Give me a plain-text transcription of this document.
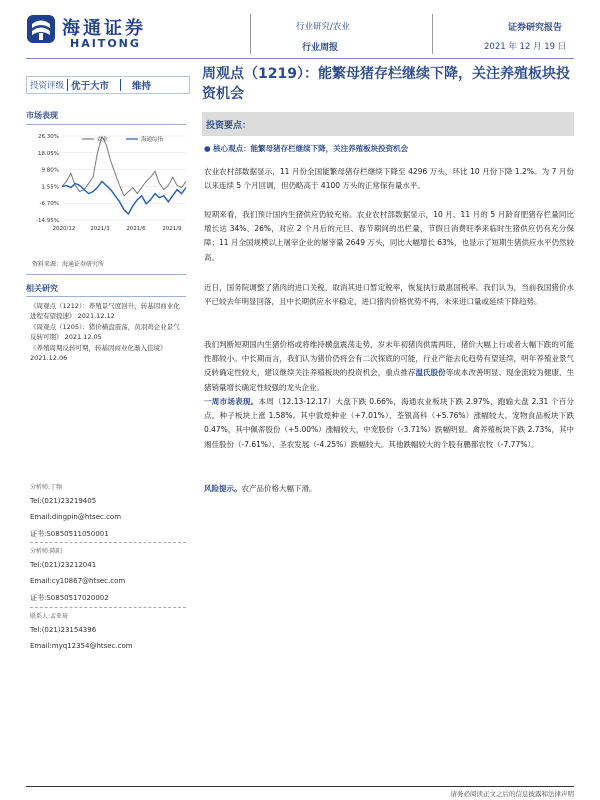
海通证券
HAITONG
行业研究/农业
行业周报
证券研究报告
2021 年 12 月 19 日
投资评级 优于大市	维持
周观点（1219）：能繁母猪存栏继续下降，关注养殖板块投资机会
市场表现
26.30%
18.05%
9.80%
1.55%
-6.70%
-14.95%
2020/12	2021/3	2021/6	2021/9
农业	海通综指
资料来源：海通证券研究所
相关研究
《周观点（1212）：养殖景气度回升，转基因商业化进程有望提速》 2021.12.12
《周观点（1205）：猪价横盘震荡，黄羽鸡企业景气反转可期》 2021.12.05
《养殖周期反转可期，转基因商业化渐入佳境》 2021.12.06
分析师:丁频
Tel:(021)23219405
Email:dingpin@htsec.com
证书:S0850511050001
分析师:陈阳
Tel:(021)23212041
Email:cy10867@htsec.com
证书:S0850517020002
联系人:孟亚琦
Tel:(021)23154396
Email:myq12354@htsec.com
投资要点：
● 核心观点：能繁母猪存栏继续下降，关注养殖板块投资机会
农业农村部数据显示，11 月份全国能繁母猪存栏继续下降至 4296 万头，环比 10 月份下降 1.2%。为 7 月份以来连续 5 个月回调，但仍略高于 4100 万头的正常保有量水平。
短期来看，我们预计国内生猪供应仍较充裕。农业农村部数据显示，10 月、11 月的 5 月龄育肥猪存栏量同比增长达 34%、26%，对应 2 个月后的元旦、春节期间的出栏量，节假日消费旺季来临时生猪供应仍有充分保障；11 月全国规模以上屠宰企业的屠宰量 2649 万头，同比大幅增长 63%，也显示了短期生猪供应水平仍然较高。
近日，国务院调整了猪肉的进口关税，取消其进口暂定税率，恢复执行最惠国税率。我们认为，当前我国猪价水平已较去年明显回落，且中长期供应水平稳定，进口猪肉价格优势不再，未来进口量或延续下降趋势。
我们判断短期国内生猪价格或将维持横盘震荡走势，岁末年初猪肉供需两旺，猪价大幅上行或者大幅下跌的可能性都较小。中长期而言，我们认为猪价仍将会有二次探底的可能，行业产能去化趋势有望延续，明年养殖业景气反转确定性较大，建议继续关注养殖板块的投资机会，重点推荐温氏股份等成本改善明显、现金流较为健康、生猪销量增长确定性较强的龙头企业。
一周市场表现。本周（12.13-12.17）大盘下跌 0.66%，海通农业板块下跌 2.97%，跑输大盘 2.31 个百分点，种子板块上涨 1.58%。其中敦煌种业（+7.01%）、荃银高科（+5.76%）涨幅较大。宠物食品板块下跌 0.47%，其中佩蒂股份（+5.00%）涨幅较大，中宠股份（-3.71%）跌幅明显。禽养殖板块下跌 2.73%，其中湘佳股份（-7.61%）、圣农发展（-4.25%）跌幅较大。其他跌幅较大的个股有鹏都农牧（-7.77%）。
风险提示。农产品价格大幅下滑。
请务必阅读正文之后的信息披露和法律声明
